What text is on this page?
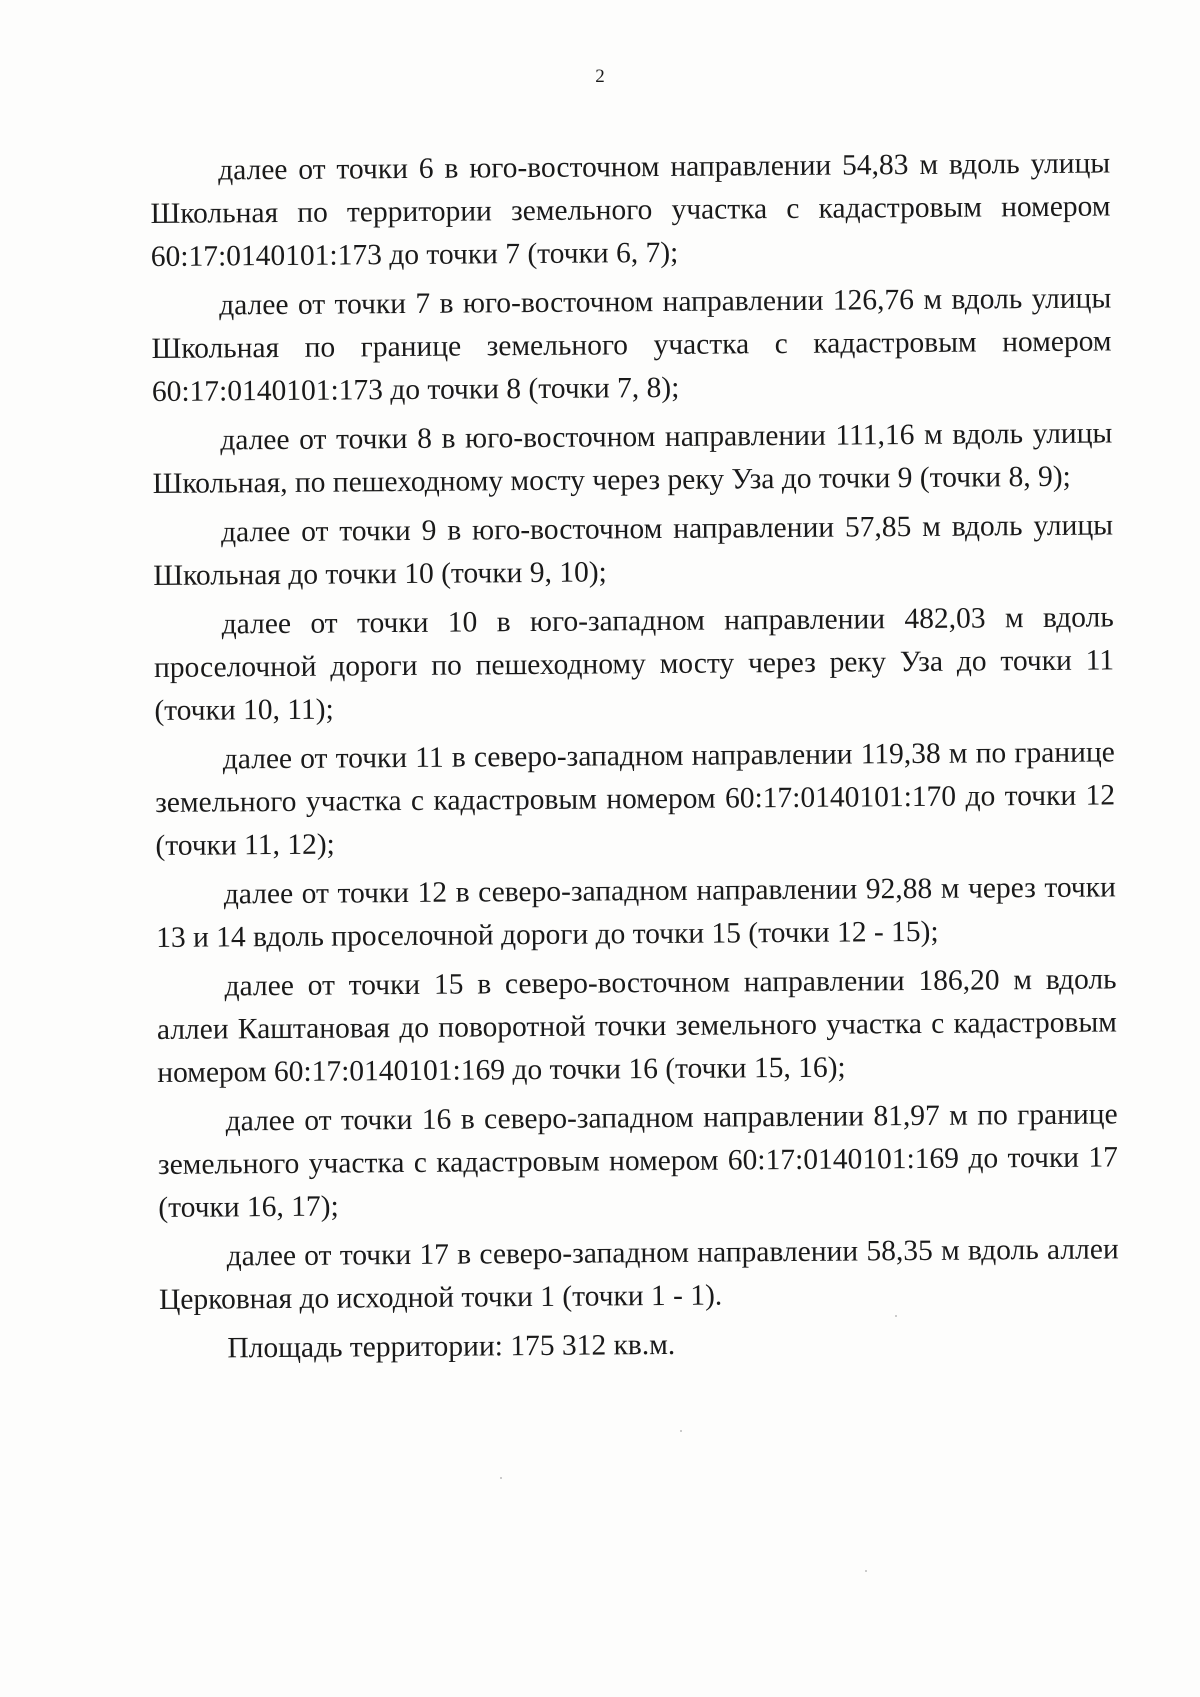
2

далее от точки 6 в юго-восточном направлении 54,83 м вдоль улицы Школьная по территории земельного участка с кадастровым номером 60:17:0140101:173 до точки 7 (точки 6, 7);

далее от точки 7 в юго-восточном направлении 126,76 м вдоль улицы Школьная по границе земельного участка с кадастровым номером 60:17:0140101:173 до точки 8 (точки 7, 8);

далее от точки 8 в юго-восточном направлении 111,16 м вдоль улицы Школьная, по пешеходному мосту через реку Уза до точки 9 (точки 8, 9);

далее от точки 9 в юго-восточном направлении 57,85 м вдоль улицы Школьная до точки 10 (точки 9, 10);

далее от точки 10 в юго-западном направлении 482,03 м вдоль проселочной дороги по пешеходному мосту через реку Уза до точки 11 (точки 10, 11);

далее от точки 11 в северо-западном направлении 119,38 м по границе земельного участка с кадастровым номером 60:17:0140101:170 до точки 12 (точки 11, 12);

далее от точки 12 в северо-западном направлении 92,88 м через точки 13 и 14 вдоль проселочной дороги до точки 15 (точки 12 - 15);

далее от точки 15 в северо-восточном направлении 186,20 м вдоль аллеи Каштановая до поворотной точки земельного участка с кадастровым номером 60:17:0140101:169 до точки 16 (точки 15, 16);

далее от точки 16 в северо-западном направлении 81,97 м по границе земельного участка с кадастровым номером 60:17:0140101:169 до точки 17 (точки 16, 17);

далее от точки 17 в северо-западном направлении 58,35 м вдоль аллеи Церковная до исходной точки 1 (точки 1 - 1).

Площадь территории: 175 312 кв.м.
